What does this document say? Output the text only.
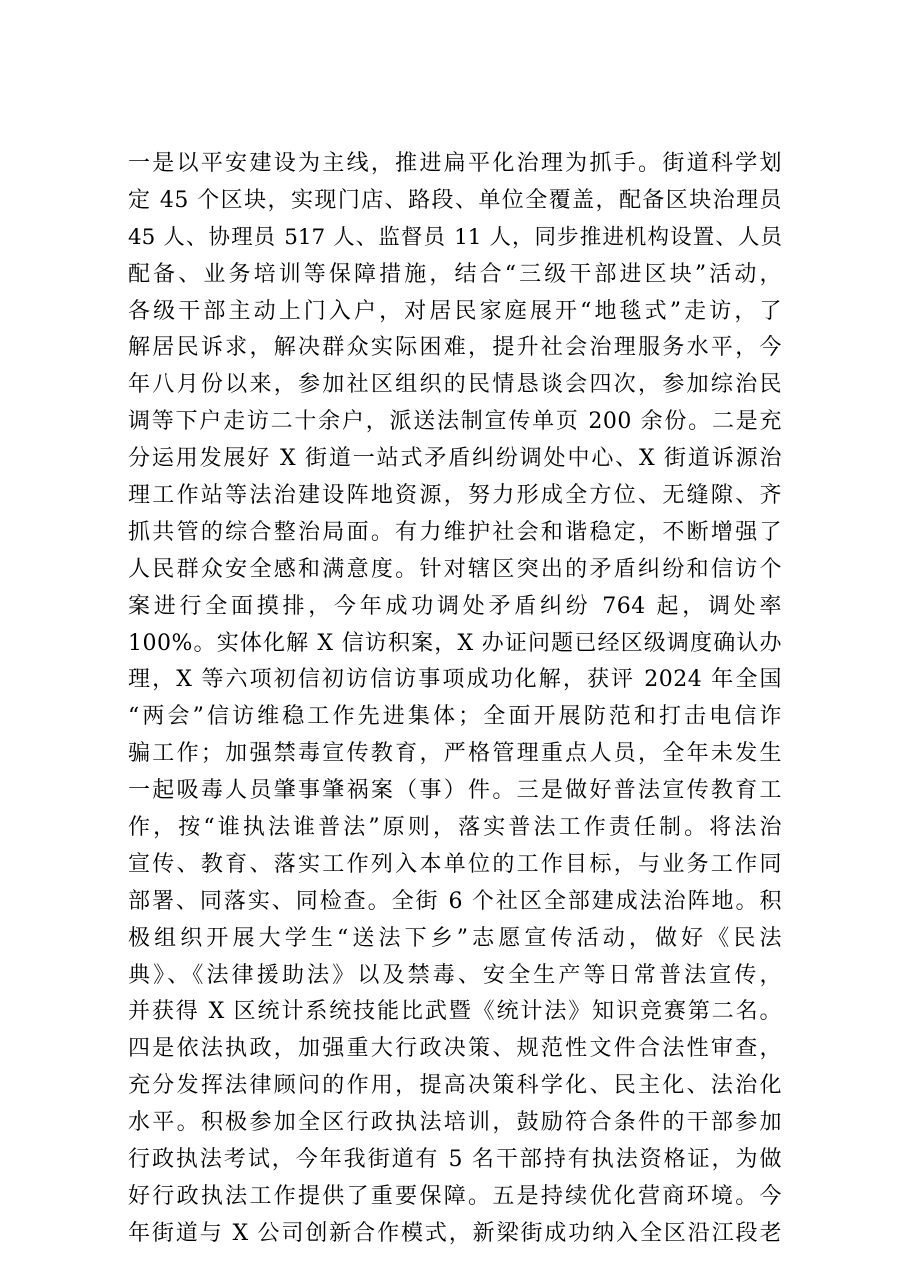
一是以平安建设为主线，推进扁平化治理为抓手。街道科学划
定 45 个区块，实现门店、路段、单位全覆盖，配备区块治理员
45 人、协理员 517 人、监督员 11 人，同步推进机构设置、人员
配备、业务培训等保障措施，结合“三级干部进区块”活动，
各级干部主动上门入户，对居民家庭展开“地毯式”走访，了
解居民诉求，解决群众实际困难，提升社会治理服务水平，今
年八月份以来，参加社区组织的民情恳谈会四次，参加综治民
调等下户走访二十余户，派送法制宣传单页 200 余份。二是充
分运用发展好 X 街道一站式矛盾纠纷调处中心、X 街道诉源治
理工作站等法治建设阵地资源，努力形成全方位、无缝隙、齐
抓共管的综合整治局面。有力维护社会和谐稳定，不断增强了
人民群众安全感和满意度。针对辖区突出的矛盾纠纷和信访个
案进行全面摸排，今年成功调处矛盾纠纷 764 起，调处率
100%。实体化解 X 信访积案，X 办证问题已经区级调度确认办
理，X 等六项初信初访信访事项成功化解，获评 2024 年全国
“两会”信访维稳工作先进集体；全面开展防范和打击电信诈
骗工作；加强禁毒宣传教育，严格管理重点人员，全年未发生
一起吸毒人员肇事肇祸案（事）件。三是做好普法宣传教育工
作，按“谁执法谁普法”原则，落实普法工作责任制。将法治
宣传、教育、落实工作列入本单位的工作目标，与业务工作同
部署、同落实、同检查。全街 6 个社区全部建成法治阵地。积
极组织开展大学生“送法下乡”志愿宣传活动，做好《民法
典》、《法律援助法》以及禁毒、安全生产等日常普法宣传，
并获得 X 区统计系统技能比武暨《统计法》知识竞赛第二名。
四是依法执政，加强重大行政决策、规范性文件合法性审查，
充分发挥法律顾问的作用，提高决策科学化、民主化、法治化
水平。积极参加全区行政执法培训，鼓励符合条件的干部参加
行政执法考试，今年我街道有 5 名干部持有执法资格证，为做
好行政执法工作提供了重要保障。五是持续优化营商环境。今
年街道与 X 公司创新合作模式，新梁街成功纳入全区沿江段老
